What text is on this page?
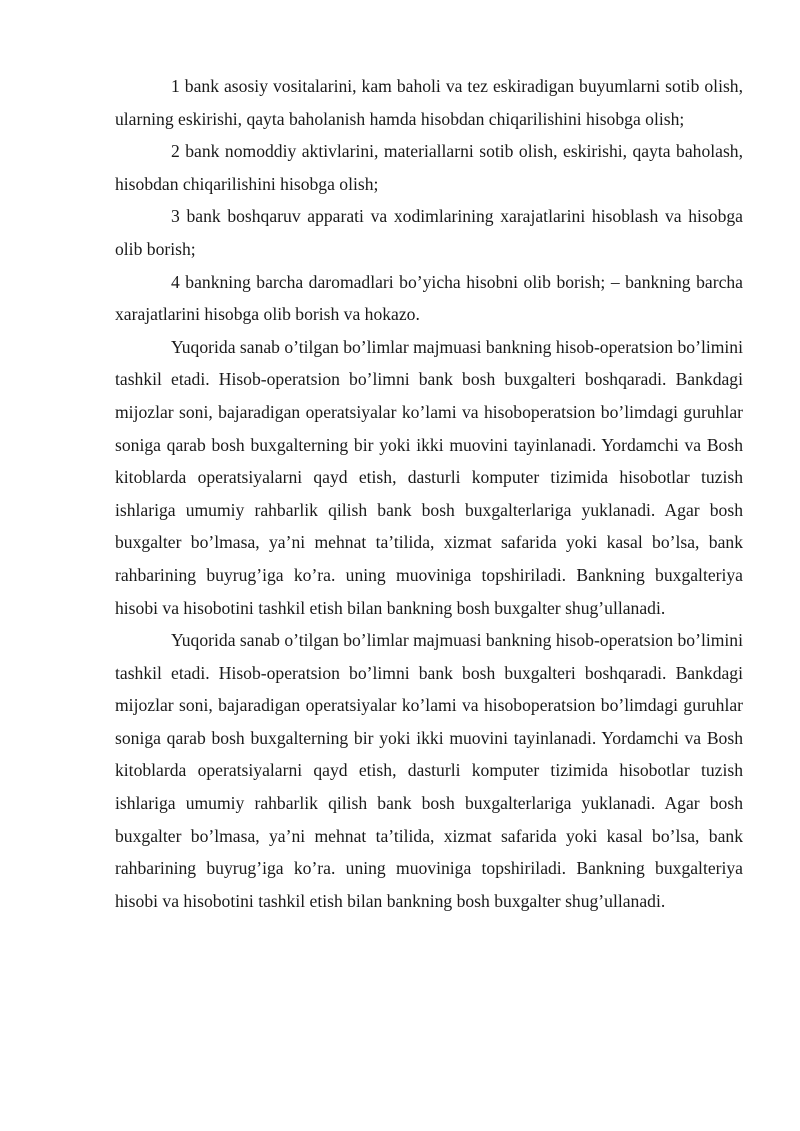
1 bank asosiy vositalarini, kam baholi va tez eskiradigan buyumlarni sotib olish, ularning eskirishi, qayta baholanish hamda hisobdan chiqarilishini hisobga olish;

2 bank nomoddiy aktivlarini, materiallarni sotib olish, eskirishi, qayta baholash, hisobdan chiqarilishini hisobga olish;

3 bank boshqaruv apparati va xodimlarining xarajatlarini hisoblash va hisobga olib borish;

4 bankning barcha daromadlari bo’yicha hisobni olib borish; – bankning barcha xarajatlarini hisobga olib borish va hokazo.

Yuqorida sanab o’tilgan bo’limlar majmuasi bankning hisob-operatsion bo’limini tashkil etadi. Hisob-operatsion bo’limni bank bosh buxgalteri boshqaradi. Bankdagi mijozlar soni, bajaradigan operatsiyalar ko’lami va hisoboperatsion bo’limdagi guruhlar soniga qarab bosh buxgalterning bir yoki ikki muovini tayinlanadi. Yordamchi va Bosh kitoblarda operatsiyalarni qayd etish, dasturli komputer tizimida hisobotlar tuzish ishlariga umumiy rahbarlik qilish bank bosh buxgalterlariga yuklanadi. Agar bosh buxgalter bo’lmasa, ya’ni mehnat ta’tilida, xizmat safarida yoki kasal bo’lsa, bank rahbarining buyrug’iga ko’ra. uning muoviniga topshiriladi. Bankning buxgalteriya hisobi va hisobotini tashkil etish bilan bankning bosh buxgalter shug’ullanadi.

Yuqorida sanab o’tilgan bo’limlar majmuasi bankning hisob-operatsion bo’limini tashkil etadi. Hisob-operatsion bo’limni bank bosh buxgalteri boshqaradi. Bankdagi mijozlar soni, bajaradigan operatsiyalar ko’lami va hisoboperatsion bo’limdagi guruhlar soniga qarab bosh buxgalterning bir yoki ikki muovini tayinlanadi. Yordamchi va Bosh kitoblarda operatsiyalarni qayd etish, dasturli komputer tizimida hisobotlar tuzish ishlariga umumiy rahbarlik qilish bank bosh buxgalterlariga yuklanadi. Agar bosh buxgalter bo’lmasa, ya’ni mehnat ta’tilida, xizmat safarida yoki kasal bo’lsa, bank rahbarining buyrug’iga ko’ra. uning muoviniga topshiriladi. Bankning buxgalteriya hisobi va hisobotini tashkil etish bilan bankning bosh buxgalter shug’ullanadi.
